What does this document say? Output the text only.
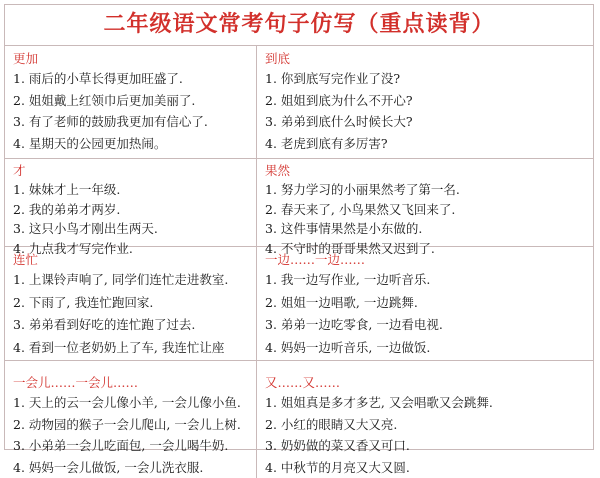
二年级语文常考句子仿写（重点读背）
更加
1. 雨后的小草长得更加旺盛了.
2. 姐姐戴上红领巾后更加美丽了.
3. 有了老师的鼓励我更加有信心了.
4. 星期天的公园更加热闹。
到底
1. 你到底写完作业了没?
2. 姐姐到底为什么不开心?
3. 弟弟到底什么时候长大?
4. 老虎到底有多厉害?
才
1. 妹妹才上一年级.
2. 我的弟弟才两岁.
3. 这只小鸟才刚出生两天.
4. 九点我才写完作业.
果然
1. 努力学习的小丽果然考了第一名.
2. 春天来了, 小鸟果然又飞回来了.
3. 这件事情果然是小东做的.
4. 不守时的哥哥果然又迟到了.
连忙
1. 上课铃声响了, 同学们连忙走进教室.
2. 下雨了, 我连忙跑回家.
3. 弟弟看到好吃的连忙跑了过去.
4. 看到一位老奶奶上了车, 我连忙让座
一边……一边……
1. 我一边写作业, 一边听音乐.
2. 姐姐一边唱歌, 一边跳舞.
3. 弟弟一边吃零食, 一边看电视.
4. 妈妈一边听音乐, 一边做饭.
一会儿……一会儿……
1. 天上的云一会儿像小羊, 一会儿像小鱼.
2. 动物园的猴子一会儿爬山, 一会儿上树.
3. 小弟弟一会儿吃面包, 一会儿喝牛奶.
4. 妈妈一会儿做饭, 一会儿洗衣服.
又……又……
1. 姐姐真是多才多艺, 又会唱歌又会跳舞.
2. 小红的眼睛又大又亮.
3. 奶奶做的菜又香又可口.
4. 中秋节的月亮又大又圆.
